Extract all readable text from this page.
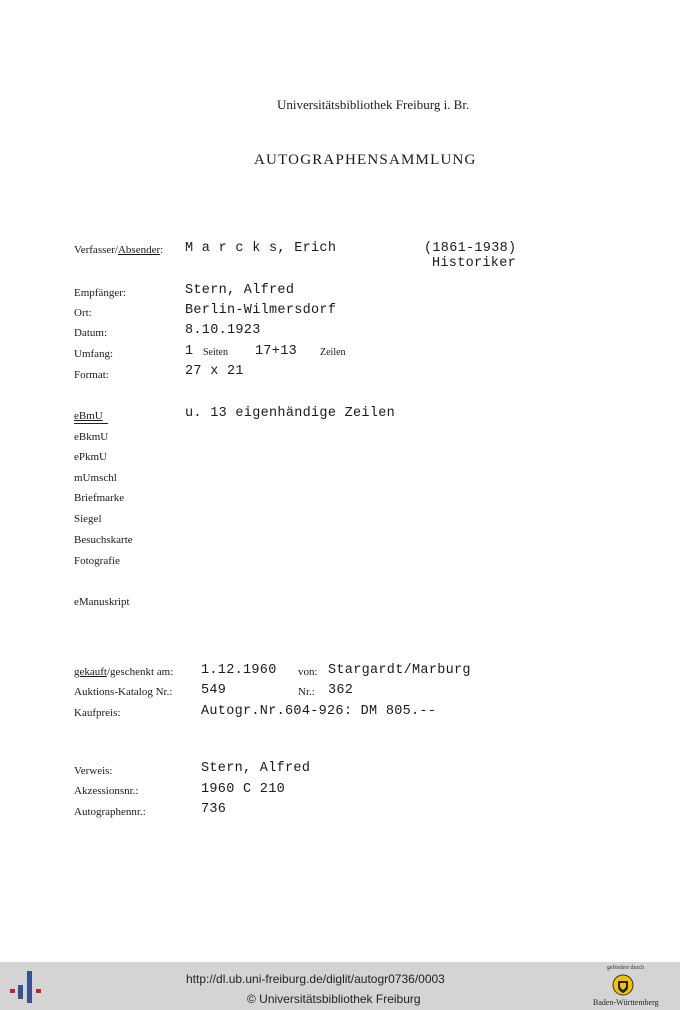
Universitätsbibliothek Freiburg i. Br.
AUTOGRAPHENSAMMLUNG
Verfasser/Absender: M a r c k s, Erich	(1861-1938)
Historiker
Empfänger:	Stern, Alfred
Ort:	Berlin-Wilmersdorf
Datum:	8.10.1923
Umfang:	1 Seiten 17+13 Zeilen
Format:	27 x 21
eBmU	u. 13 eigenhändige Zeilen
eBkmU
ePkmU
mUmschl
Briefmarke
Siegel
Besuchskarte
Fotografie
eManuskript
gekauft/geschenkt am: 1.12.1960 von: Stargardt/Marburg
Auktions-Katalog Nr.: 549	Nr.: 362
Kaufpreis:	Autogr.Nr.604-926: DM 805.--
Verweis:	Stern, Alfred
Akzessionsnr.:	1960 C 210
Autographennr.:	736
http://dl.ub.uni-freiburg.de/diglit/autogr0736/0003
© Universitätsbibliothek Freiburg
gefördert durch
Baden-Württemberg
